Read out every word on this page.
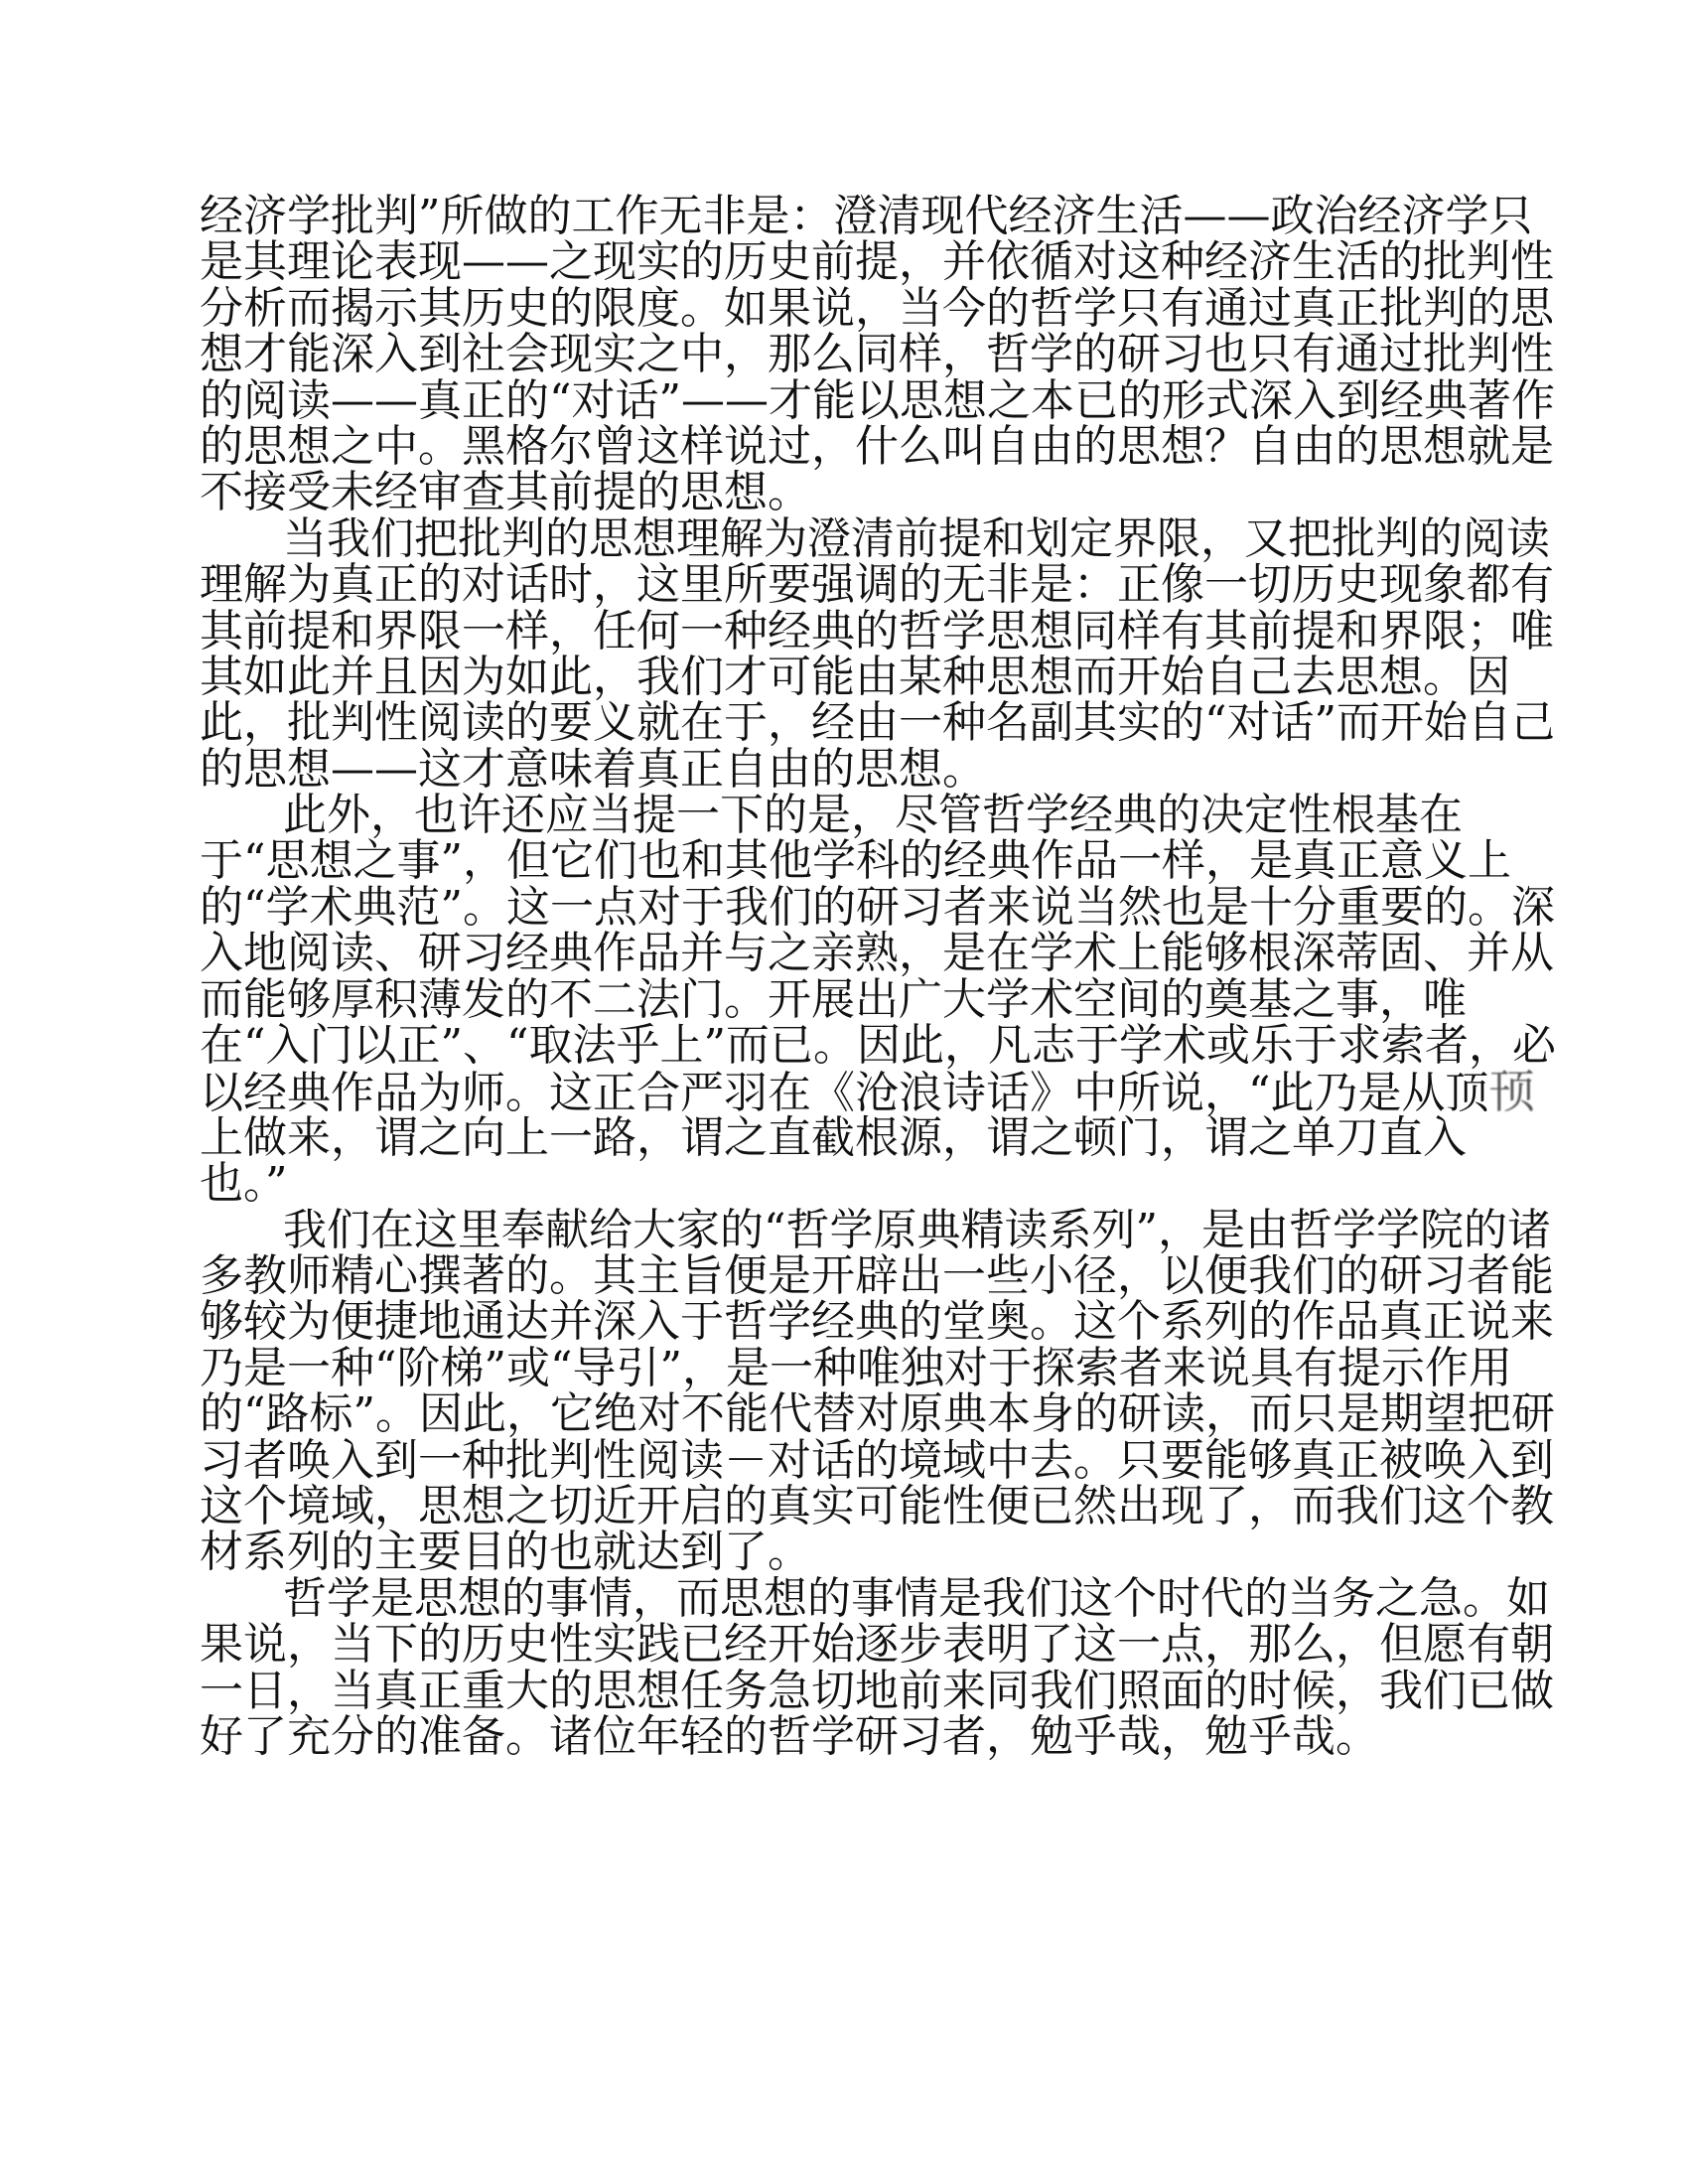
经济学批判”所做的工作无非是：澄清现代经济生活——政治经济学只
是其理论表现——之现实的历史前提，并依循对这种经济生活的批判性
分析而揭示其历史的限度。如果说，当今的哲学只有通过真正批判的思
想才能深入到社会现实之中，那么同样，哲学的研习也只有通过批判性
的阅读——真正的“对话”——才能以思想之本已的形式深入到经典著作
的思想之中。黑格尔曾这样说过，什么叫自由的思想？自由的思想就是
不接受未经审查其前提的思想。
当我们把批判的思想理解为澄清前提和划定界限，又把批判的阅读
理解为真正的对话时，这里所要强调的无非是：正像一切历史现象都有
其前提和界限一样，任何一种经典的哲学思想同样有其前提和界限；唯
其如此并且因为如此，我们才可能由某种思想而开始自己去思想。因
此，批判性阅读的要义就在于，经由一种名副其实的“对话”而开始自己
的思想——这才意味着真正自由的思想。
此外，也许还应当提一下的是，尽管哲学经典的决定性根基在
于“思想之事”，但它们也和其他学科的经典作品一样，是真正意义上
的“学术典范”。这一点对于我们的研习者来说当然也是十分重要的。深
入地阅读、研习经典作品并与之亲熟，是在学术上能够根深蒂固、并从
而能够厚积薄发的不二法门。开展出广大学术空间的奠基之事，唯
在“入门以正”、“取法乎上”而已。因此，凡志于学术或乐于求索者，必
以经典作品为师。这正合严羽在《沧浪诗话》中所说，“此乃是从顶顸
上做来，谓之向上一路，谓之直截根源，谓之顿门，谓之单刀直入
也。”
我们在这里奉献给大家的“哲学原典精读系列”，是由哲学学院的诸
多教师精心撰著的。其主旨便是开辟出一些小径，以便我们的研习者能
够较为便捷地通达并深入于哲学经典的堂奥。这个系列的作品真正说来
乃是一种“阶梯”或“导引”，是一种唯独对于探索者来说具有提示作用
的“路标”。因此，它绝对不能代替对原典本身的研读，而只是期望把研
习者唤入到一种批判性阅读－对话的境域中去。只要能够真正被唤入到
这个境域，思想之切近开启的真实可能性便已然出现了，而我们这个教
材系列的主要目的也就达到了。
哲学是思想的事情，而思想的事情是我们这个时代的当务之急。如
果说，当下的历史性实践已经开始逐步表明了这一点，那么，但愿有朝
一日，当真正重大的思想任务急切地前来同我们照面的时候，我们已做
好了充分的准备。诸位年轻的哲学研习者，勉乎哉，勉乎哉。
